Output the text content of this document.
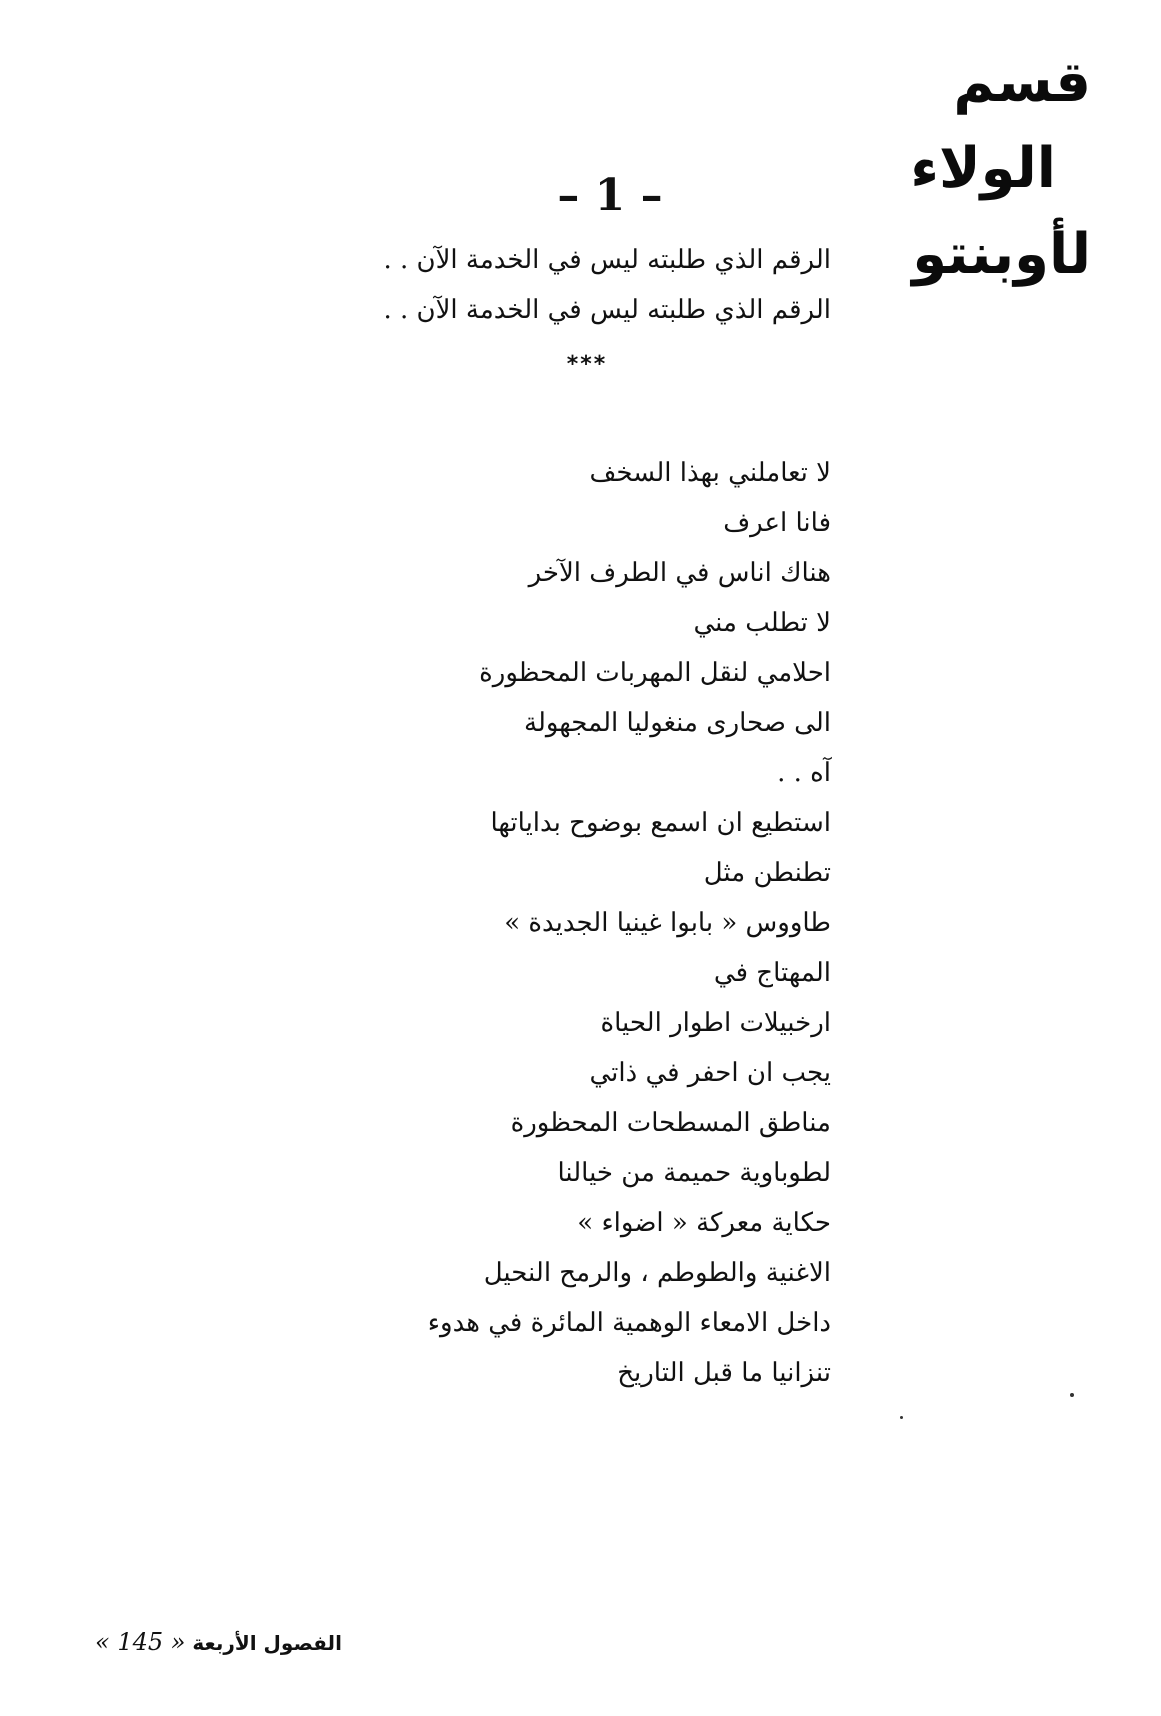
قسم
الولاء
لأوبنتو
– 1 –
الرقم الذي طلبته ليس في الخدمة الآن . .
الرقم الذي طلبته ليس في الخدمة الآن . .
***
لا تعاملني بهذا السخف
فانا اعرف
هناك اناس في الطرف الآخر
لا تطلب مني
احلامي لنقل المهربات المحظورة
الى صحارى منغوليا المجهولة
آه . .
استطيع ان اسمع بوضوح بداياتها
تطنطن مثل
طاووس « بابوا غينيا الجديدة »
المهتاج في
ارخبيلات اطوار الحياة
يجب ان احفر في ذاتي
مناطق المسطحات المحظورة
لطوباوية حميمة من خيالنا
حكاية معركة « اضواء »
الاغنية والطوطم ، والرمح النحيل
داخل الامعاء الوهمية المائرة في هدوء
تنزانيا ما قبل التاريخ
الفصول الأربعة « 145 »
